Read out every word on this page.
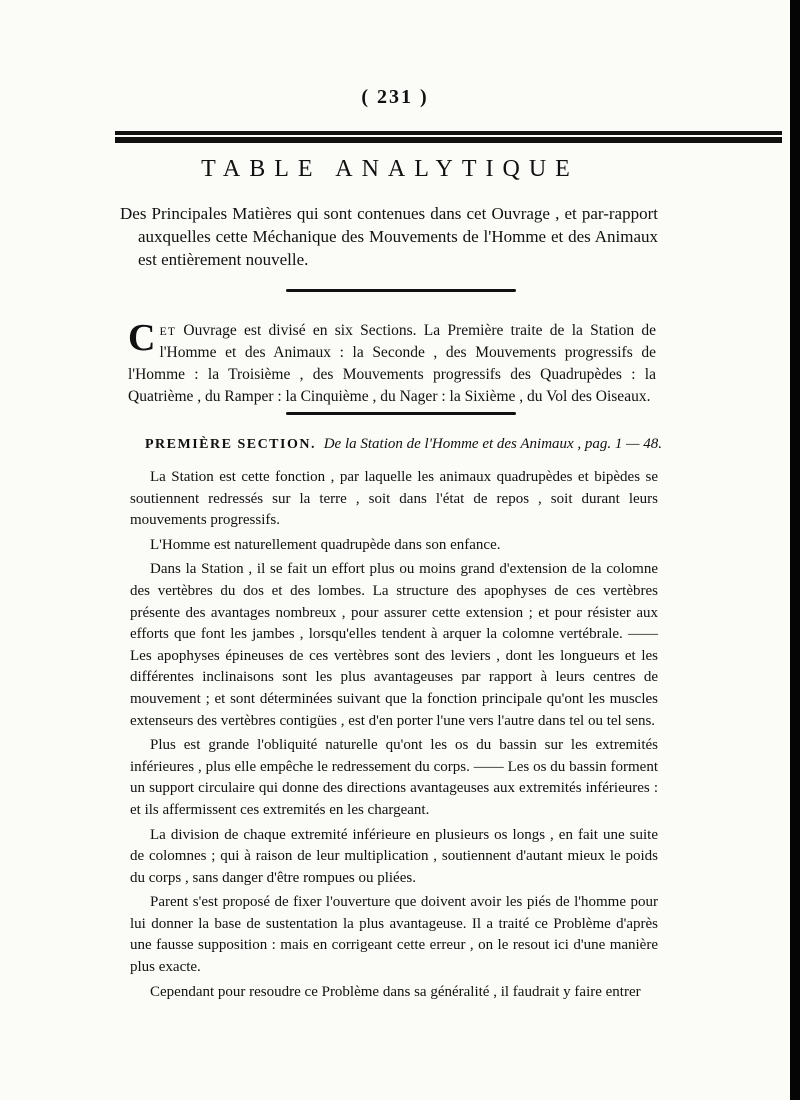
( 231 )
TABLE ANALYTIQUE
Des Principales Matières qui sont contenues dans cet Ouvrage , et par-rapport auxquelles cette Méchanique des Mouvements de l'Homme et des Animaux est entièrement nouvelle.
CET Ouvrage est divisé en six Sections. La Première traite de la Station de l'Homme et des Animaux : la Seconde , des Mouvements progressifs de l'Homme : la Troisième , des Mouvements progressifs des Quadrupèdes : la Quatrième , du Ramper : la Cinquième , du Nager : la Sixième , du Vol des Oiseaux.
PREMIÈRE SECTION. De la Station de l'Homme et des Animaux , pag. 1 — 48.

La Station est cette fonction , par laquelle les animaux quadrupèdes et bipèdes se soutiennent redressés sur la terre , soit dans l'état de repos , soit durant leurs mouvements progressifs.

L'Homme est naturellement quadrupède dans son enfance.

Dans la Station , il se fait un effort plus ou moins grand d'extension de la colomne des vertèbres du dos et des lombes. La structure des apophyses de ces vertèbres présente des avantages nombreux , pour assurer cette extension ; et pour résister aux efforts que font les jambes , lorsqu'elles tendent à arquer la colomne vertébrale. —— Les apophyses épineuses de ces vertèbres sont des leviers , dont les longueurs et les différentes inclinaisons sont les plus avantageuses par rapport à leurs centres de mouvement ; et sont déterminées suivant que la fonction principale qu'ont les muscles extenseurs des vertèbres contigües , est d'en porter l'une vers l'autre dans tel ou tel sens.

Plus est grande l'obliquité naturelle qu'ont les os du bassin sur les extremités inférieures , plus elle empêche le redressement du corps. —— Les os du bassin forment un support circulaire qui donne des directions avantageuses aux extremités inférieures : et ils affermissent ces extremités en les chargeant.

La division de chaque extremité inférieure en plusieurs os longs , en fait une suite de colomnes ; qui à raison de leur multiplication , soutiennent d'autant mieux le poids du corps , sans danger d'être rompues ou pliées.

Parent s'est proposé de fixer l'ouverture que doivent avoir les piés de l'homme pour lui donner la base de sustentation la plus avantageuse. Il a traité ce Problème d'après une fausse supposition : mais en corrigeant cette erreur , on le resout ici d'une manière plus exacte.

Cependant pour resoudre ce Problème dans sa généralité , il faudrait y faire entrer
